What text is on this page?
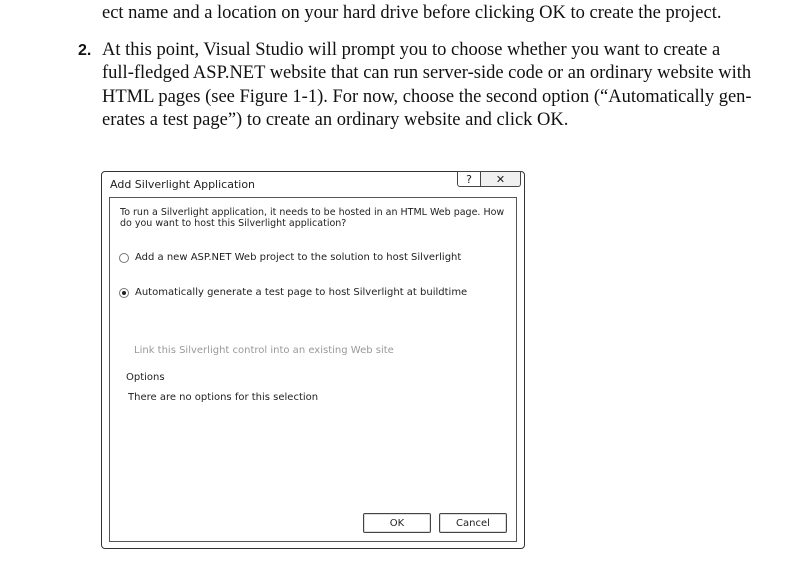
ect name and a location on your hard drive before clicking OK to create the project.
2. At this point, Visual Studio will prompt you to choose whether you want to create a
full-fledged ASP.NET website that can run server-side code or an ordinary website with
HTML pages (see Figure 1-1). For now, choose the second option (“Automatically gen-
erates a test page”) to create an ordinary website and click OK.
Add Silverlight Application	?	✕
To run a Silverlight application, it needs to be hosted in an HTML Web page. How do you want to host this Silverlight application?
Add a new ASP.NET Web project to the solution to host Silverlight
Automatically generate a test page to host Silverlight at buildtime
Link this Silverlight control into an existing Web site
Options
There are no options for this selection
OK	Cancel
